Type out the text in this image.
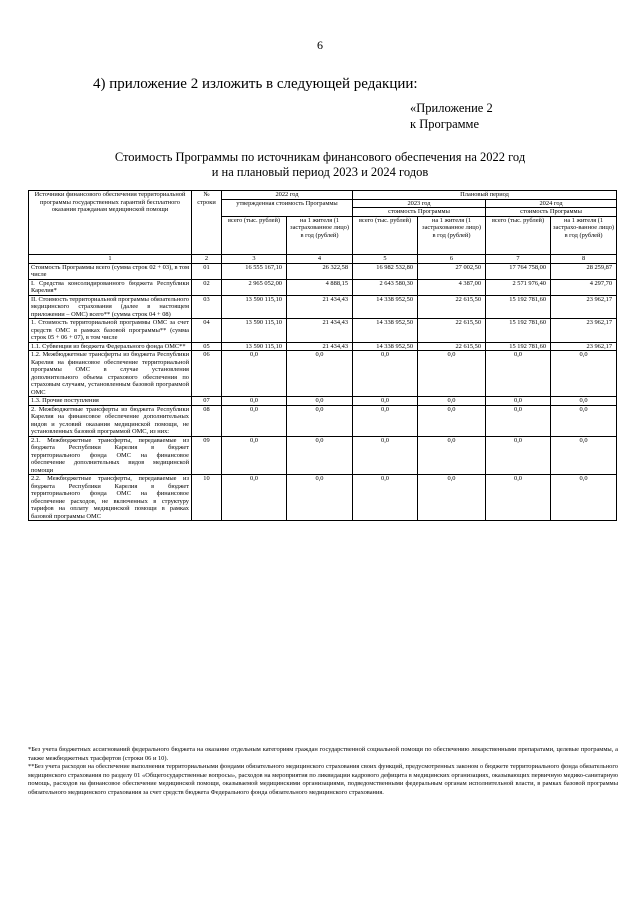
6
4) приложение 2 изложить в следующей редакции:
«Приложение 2
к Программе
Стоимость Программы по источникам финансового обеспечения на 2022 год
и на плановый период 2023 и 2024 годов
Источники финансового обеспечения территориальной программы государственных гарантий бесплатного оказания гражданам медицинской помощи	№ строки	2022 год		Плановый период			
		утвержденная стоимость Программы		2023 год		2024 год	
				стоимость Программы		стоимость Программы	
		всего (тыс. рублей)	на 1 жителя (1 застрахованное лицо) в год (рублей)	всего (тыс. рублей)	на 1 жителя (1 застрахованное лицо) в год (рублей)	всего (тыс. рублей)	на 1 жителя (1 застрахо-ванное лицо) в год (рублей)
1	2	3	4	5	6	7	8
Стоимость Программы всего (сумма строк 02 + 03), в том числе	01	16 555 167,10	26 322,58	16 982 532,80	27 002,50	17 764 758,00	28 259,87
I. Средства консолидированного бюджета Республики Карелия*	02	2 965 052,00	4 888,15	2 643 580,30	4 387,00	2 571 976,40	4 297,70
II. Стоимость территориальной программы обязательного медицинского страхования (далее в настоящем приложении – ОМС) всего** (сумма строк 04 + 08)	03	13 590 115,10	21 434,43	14 338 952,50	22 615,50	15 192 781,60	23 962,17
1. Стоимость территориальной программы ОМС за счет средств ОМС в рамках базовой программы** (сумма строк 05 + 06 + 07), в том числе	04	13 590 115,10	21 434,43	14 338 952,50	22 615,50	15 192 781,60	23 962,17
1.1. Субвенция из бюджета Федерального фонда ОМС**	05	13 590 115,10	21 434,43	14 338 952,50	22 615,50	15 192 781,60	23 962,17
1.2. Межбюджетные трансферты из бюджета Республики Карелия на финансовое обеспечение территориальной программы ОМС в случае установления дополнительного объема страхового обеспечения по страховым случаям, установленным базовой программой ОМС	06	0,0	0,0	0,0	0,0	0,0	0,0
1.3. Прочие поступления	07	0,0	0,0	0,0	0,0	0,0	0,0
2. Межбюджетные трансферты из бюджета Республики Карелия на финансовое обеспечение дополнительных видов и условий оказания медицинской помощи, не установленных базовой программой ОМС, из них:	08	0,0	0,0	0,0	0,0	0,0	0,0
2.1. Межбюджетные трансферты, передаваемые из бюджета Республики Карелия в бюджет территориального фонда ОМС на финансовое обеспечение дополнительных видов медицинской помощи	09	0,0	0,0	0,0	0,0	0,0	0,0
2.2. Межбюджетные трансферты, передаваемые из бюджета Республики Карелия в бюджет территориального фонда ОМС на финансовое обеспечение расходов, не включенных в структуру тарифов на оплату медицинской помощи в рамках базовой программы ОМС	10	0,0	0,0	0,0	0,0	0,0	0,0

*Без учета бюджетных ассигнований федерального бюджета на оказание отдельным категориям граждан государственной социальной помощи по обеспечению лекарственными препаратами, целевые программы, а также межбюджетных трасфертов (строки 06 и 10).

**Без учета расходов на обеспечение выполнения территориальными фондами обязательного медицинского страхования своих функций, предусмотренных законом о бюджете территориального фонда обязательного медицинского страхования по разделу 01 «Общегосударственные вопросы», расходов на мероприятия по ликвидации кадрового дефицита в медицинских организациях, оказывающих первичную медико-санитарную помощь, расходов на финансовое обеспечение медицинской помощи, оказываемой медицинскими организациями, подведомственными федеральным органам исполнительной власти, в рамках базовой программы обязательного медицинского страхования за счет средств бюджета Федерального фонда обязательного медицинского страхования.
